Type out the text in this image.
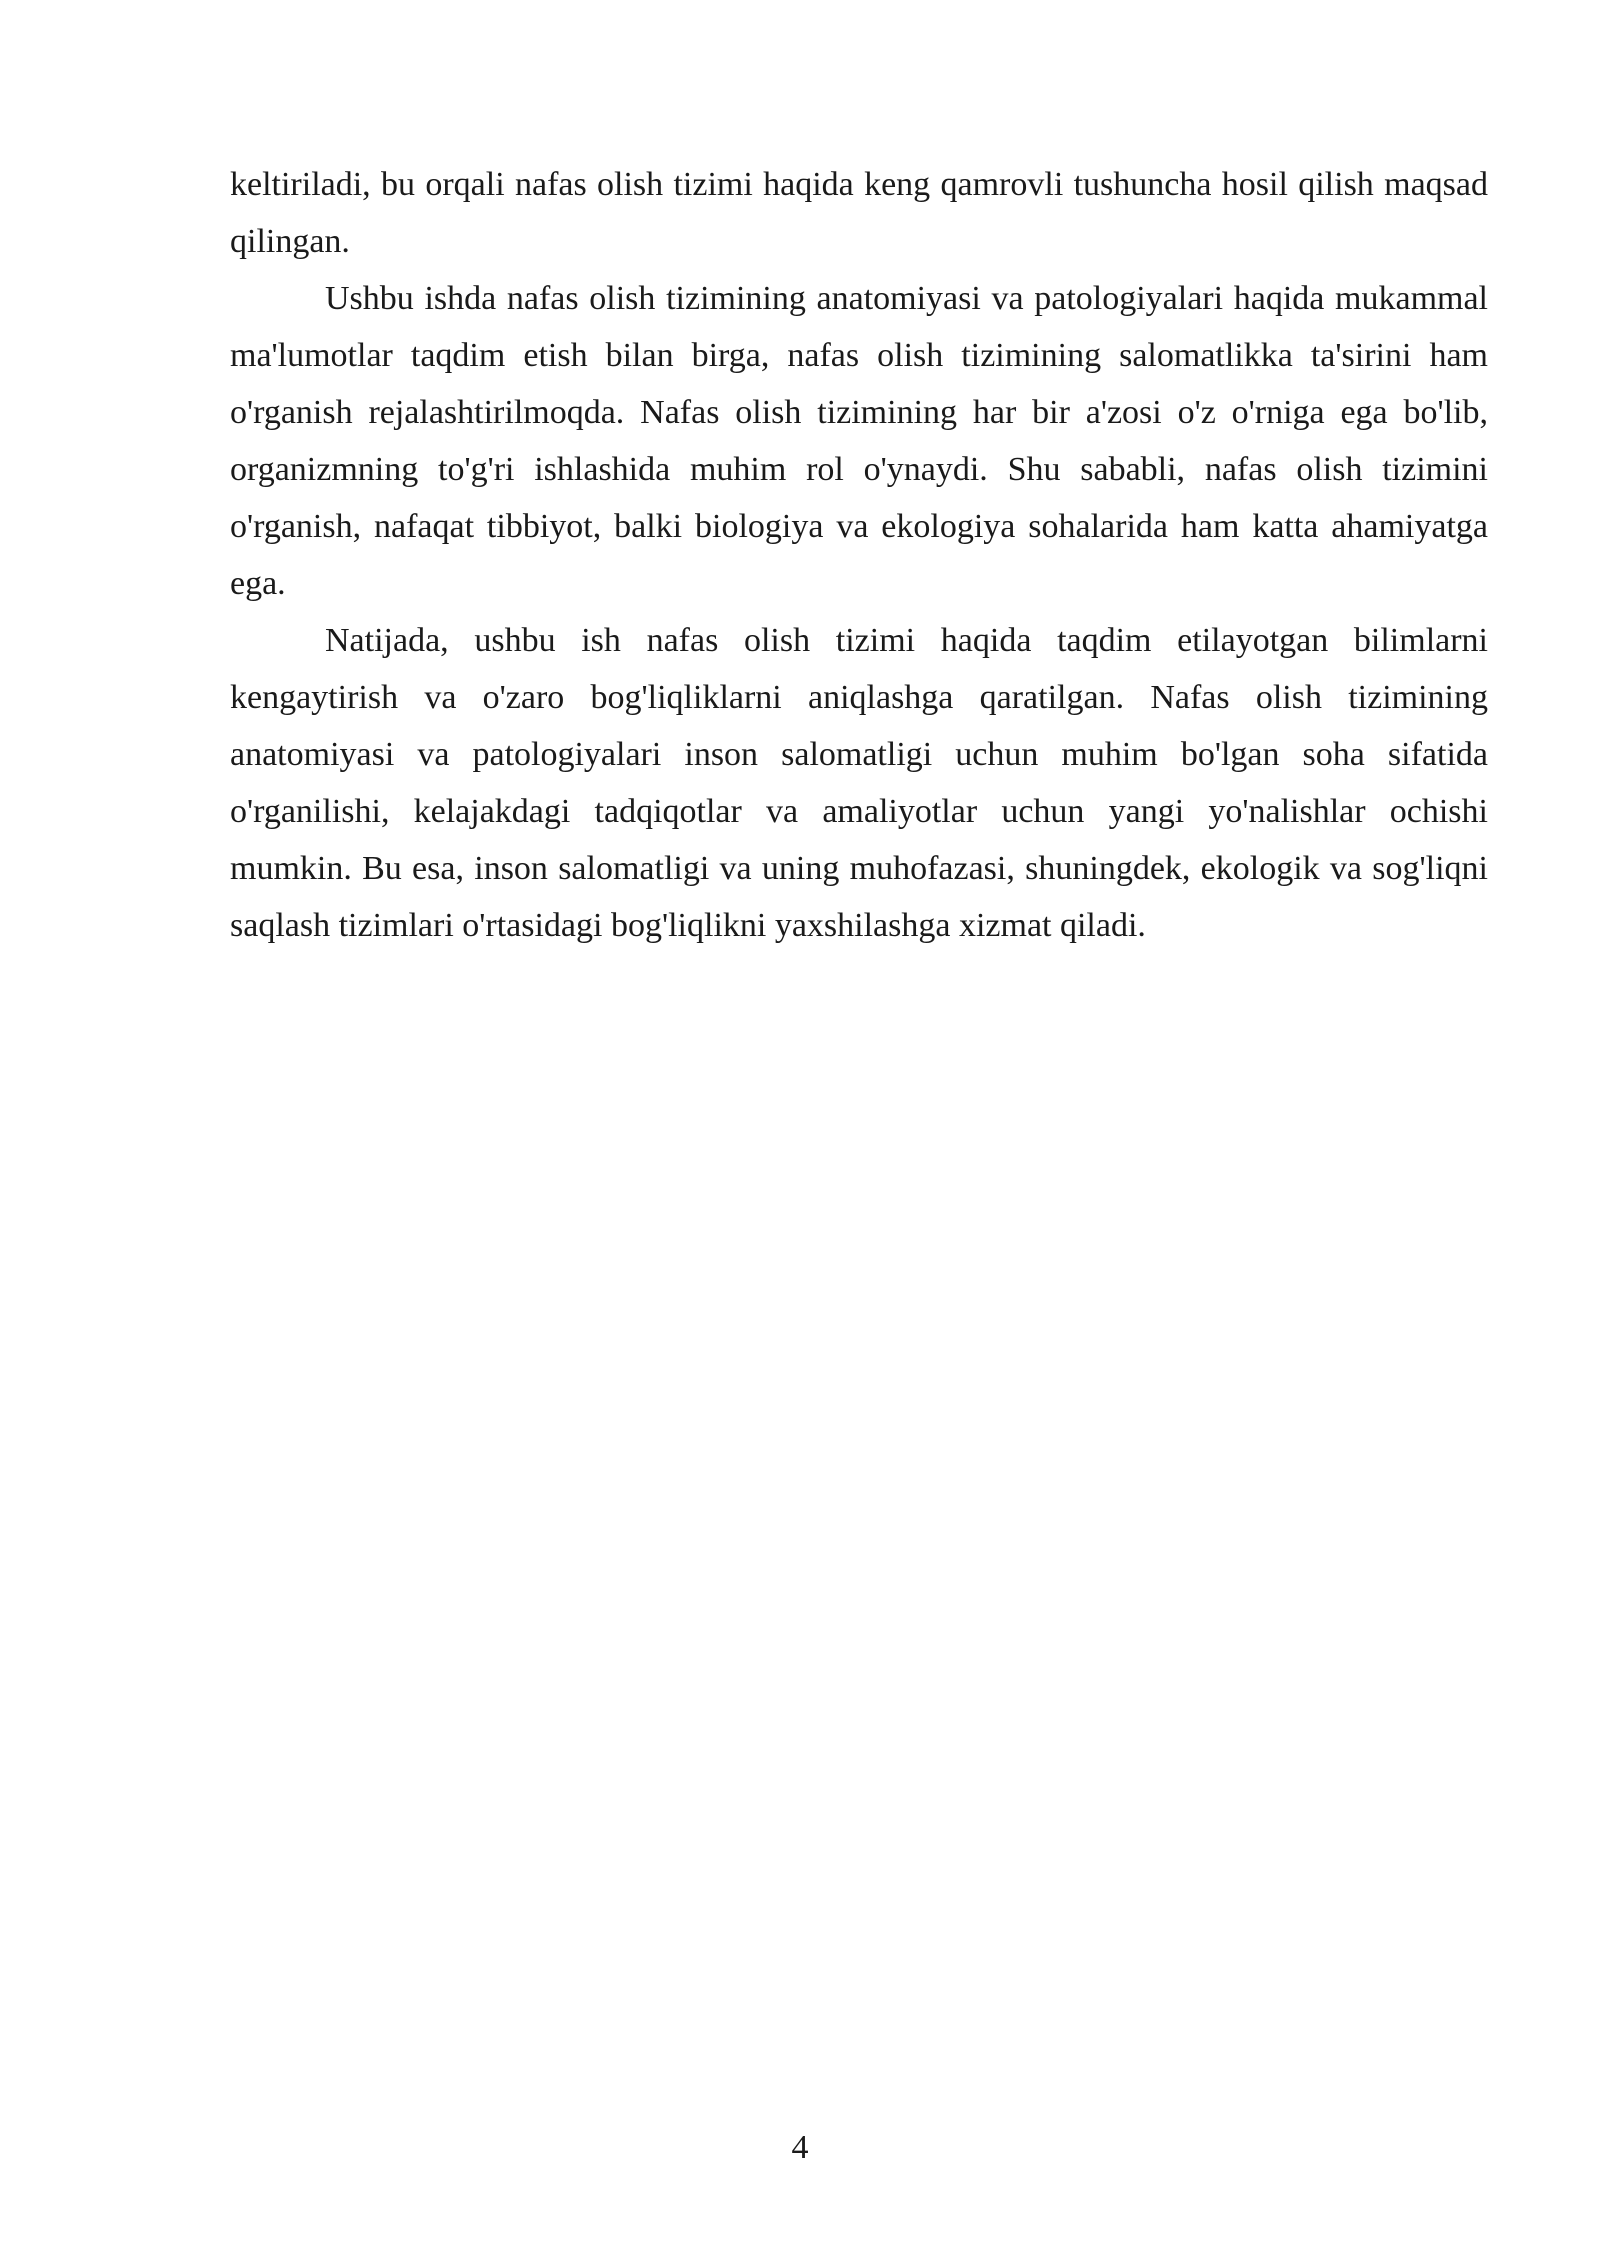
keltiriladi, bu orqali nafas olish tizimi haqida keng qamrovli tushuncha hosil qilish maqsad qilingan.

Ushbu ishda nafas olish tizimining anatomiyasi va patologiyalari haqida mukammal ma'lumotlar taqdim etish bilan birga, nafas olish tizimining salomatlikka ta'sirini ham o'rganish rejalashtirilmoqda. Nafas olish tizimining har bir a'zosi o'z o'rniga ega bo'lib, organizmning to'g'ri ishlashida muhim rol o'ynaydi. Shu sababli, nafas olish tizimini o'rganish, nafaqat tibbiyot, balki biologiya va ekologiya sohalarida ham katta ahamiyatga ega.

Natijada, ushbu ish nafas olish tizimi haqida taqdim etilayotgan bilimlarni kengaytirish va o'zaro bog'liqliklarni aniqlashga qaratilgan. Nafas olish tizimining anatomiyasi va patologiyalari inson salomatligi uchun muhim bo'lgan soha sifatida o'rganilishi, kelajakdagi tadqiqotlar va amaliyotlar uchun yangi yo'nalishlar ochishi mumkin. Bu esa, inson salomatligi va uning muhofazasi, shuningdek, ekologik va sog'liqni saqlash tizimlari o'rtasidagi bog'liqlikni yaxshilashga xizmat qiladi.

4
